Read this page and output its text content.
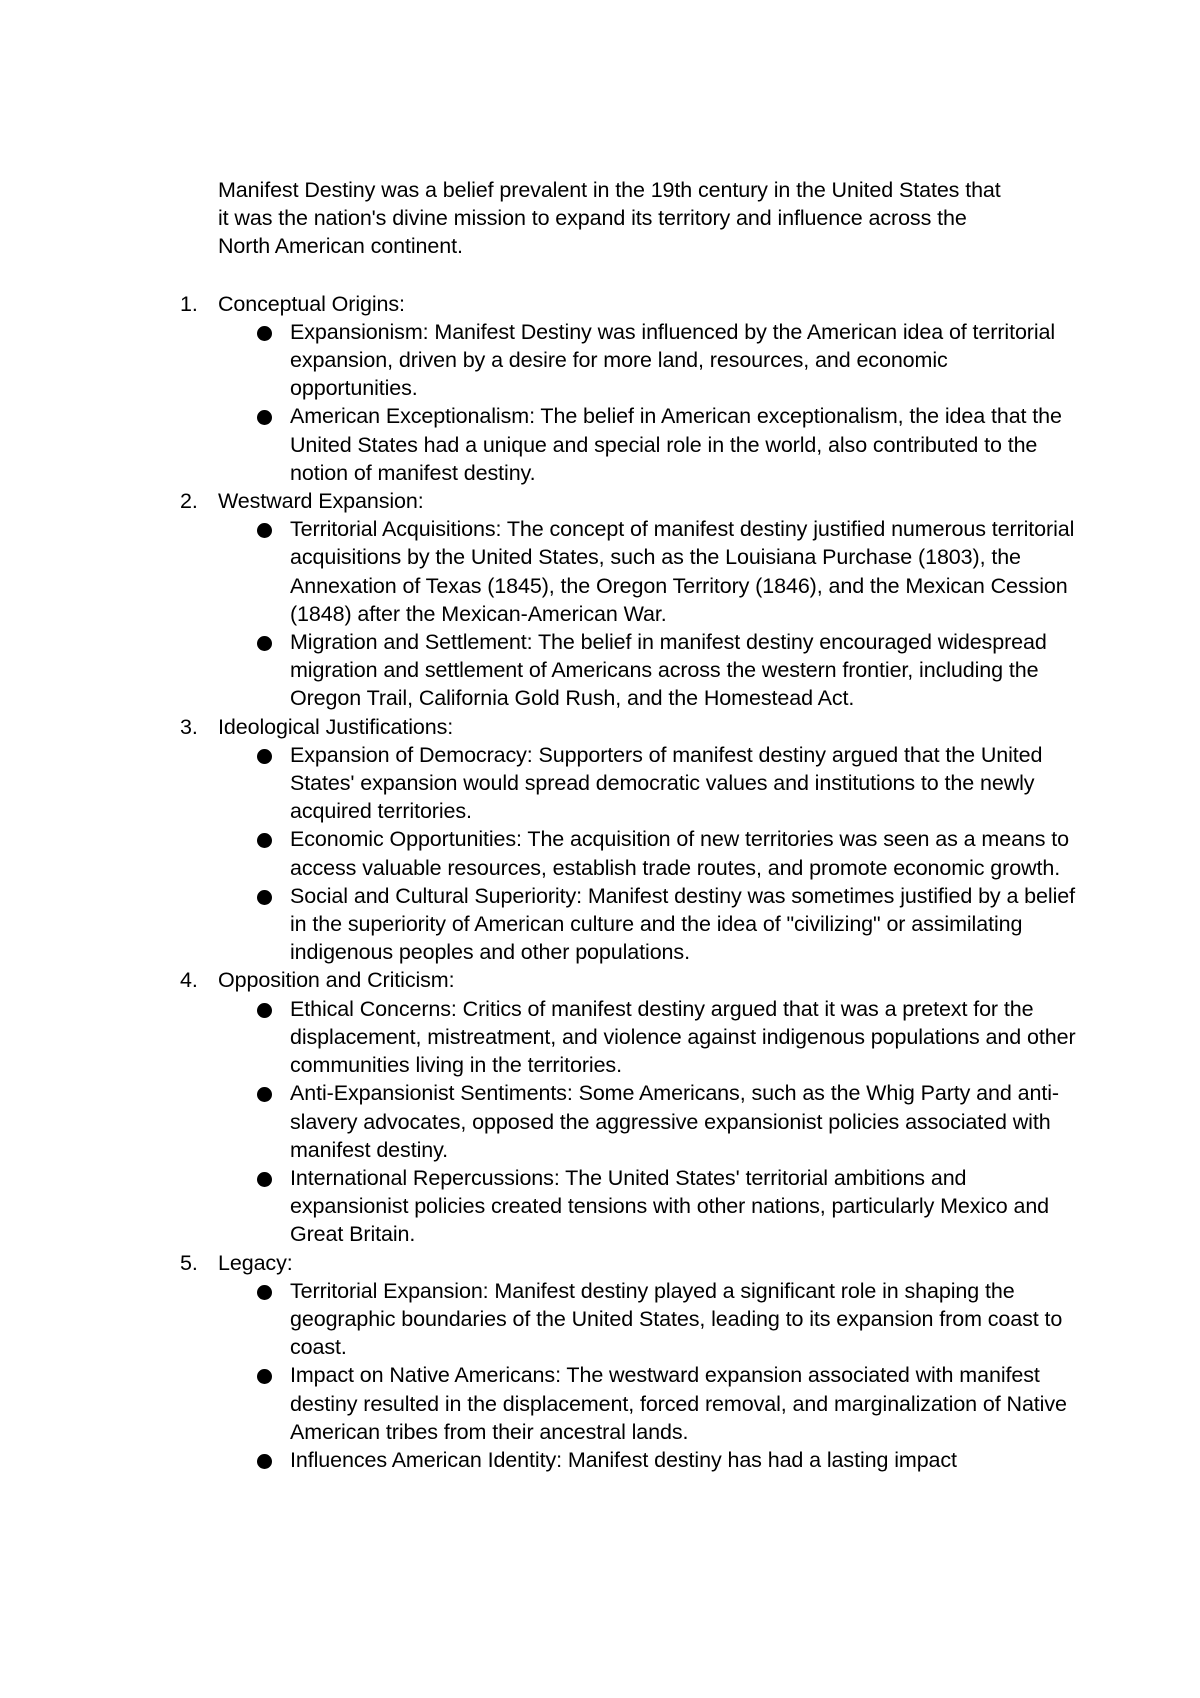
Manifest Destiny was a belief prevalent in the 19th century in the United States that it was the nation's divine mission to expand its territory and influence across the North American continent.

1. Conceptual Origins:
Expansionism: Manifest Destiny was influenced by the American idea of territorial expansion, driven by a desire for more land, resources, and economic opportunities.
American Exceptionalism: The belief in American exceptionalism, the idea that the United States had a unique and special role in the world, also contributed to the notion of manifest destiny.
2. Westward Expansion:
Territorial Acquisitions: The concept of manifest destiny justified numerous territorial acquisitions by the United States, such as the Louisiana Purchase (1803), the Annexation of Texas (1845), the Oregon Territory (1846), and the Mexican Cession (1848) after the Mexican-American War.
Migration and Settlement: The belief in manifest destiny encouraged widespread migration and settlement of Americans across the western frontier, including the Oregon Trail, California Gold Rush, and the Homestead Act.
3. Ideological Justifications:
Expansion of Democracy: Supporters of manifest destiny argued that the United States' expansion would spread democratic values and institutions to the newly acquired territories.
Economic Opportunities: The acquisition of new territories was seen as a means to access valuable resources, establish trade routes, and promote economic growth.
Social and Cultural Superiority: Manifest destiny was sometimes justified by a belief in the superiority of American culture and the idea of "civilizing" or assimilating indigenous peoples and other populations.
4. Opposition and Criticism:
Ethical Concerns: Critics of manifest destiny argued that it was a pretext for the displacement, mistreatment, and violence against indigenous populations and other communities living in the territories.
Anti-Expansionist Sentiments: Some Americans, such as the Whig Party and anti-slavery advocates, opposed the aggressive expansionist policies associated with manifest destiny.
International Repercussions: The United States' territorial ambitions and expansionist policies created tensions with other nations, particularly Mexico and Great Britain.
5. Legacy:
Territorial Expansion: Manifest destiny played a significant role in shaping the geographic boundaries of the United States, leading to its expansion from coast to coast.
Impact on Native Americans: The westward expansion associated with manifest destiny resulted in the displacement, forced removal, and marginalization of Native American tribes from their ancestral lands.
Influences American Identity: Manifest destiny has had a lasting impact
